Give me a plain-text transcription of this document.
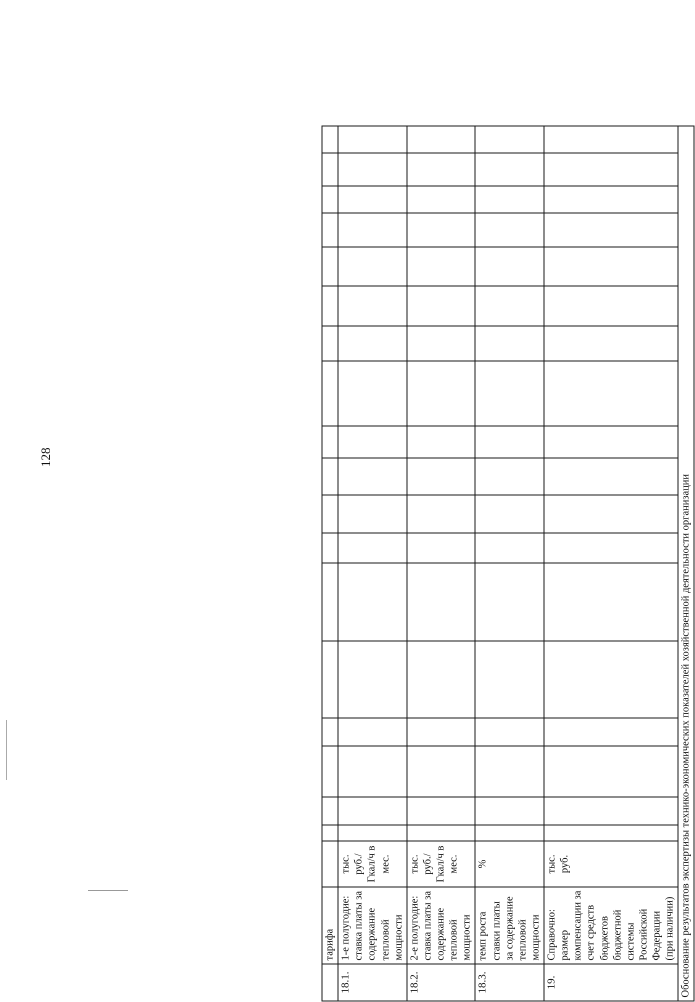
128
	тарифа																			
18.1.	1-е полугодие: ставка платы за содержание тепловой мощности	тыс. руб./ Гкал/ч в мес.																		
18.2.	2-е полугодие: ставка платы за содержание тепловой мощности	тыс. руб./ Гкал/ч в мес.																		
18.3.	темп роста ставки платы за содержание тепловой мощности	%																		
19.	Справочно: размер компенсации за счет средств бюджетов бюджетной системы Российской Федерации (при наличии)	тыс. руб.																		
Обоснование результатов экспертизы технико-экономических показателей хозяйственной деятельности организации																				
